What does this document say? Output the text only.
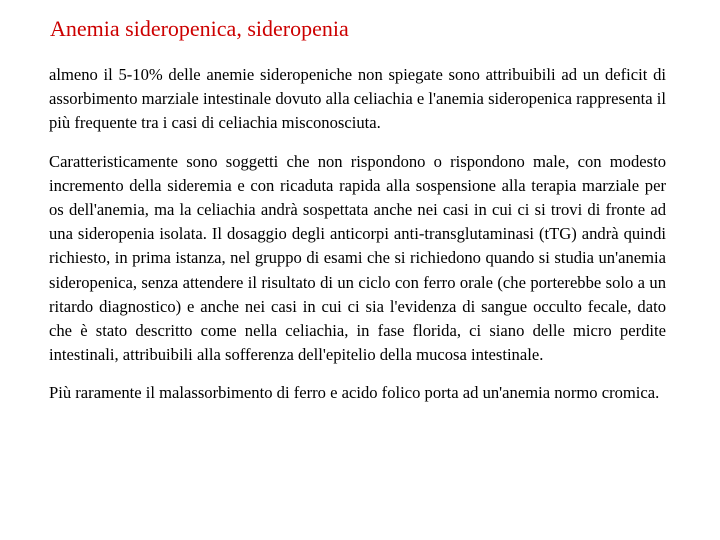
Anemia sideropenica, sideropenia

almeno il 5-10% delle anemie sideropeniche non spiegate sono attribuibili ad un deficit di assorbimento marziale intestinale dovuto alla celiachia e l'anemia sideropenica rappresenta il più frequente tra i casi di celiachia misconosciuta.

Caratteristicamente sono soggetti che non rispondono o rispondono male, con modesto incremento della sideremia e con ricaduta rapida alla sospensione alla terapia marziale per os dell'anemia, ma la celiachia andrà sospettata anche nei casi in cui ci si trovi di fronte ad una sideropenia isolata. Il dosaggio degli anticorpi anti-transglutaminasi (tTG) andrà quindi richiesto, in prima istanza, nel gruppo di esami che si richiedono quando si studia un'anemia sideropenica, senza attendere il risultato di un ciclo con ferro orale (che porterebbe solo a un ritardo diagnostico) e anche nei casi in cui ci sia l'evidenza di sangue occulto fecale, dato che è stato descritto come nella celiachia, in fase florida, ci siano delle micro perdite intestinali, attribuibili alla sofferenza dell'epitelio della mucosa intestinale.

Più raramente il malassorbimento di ferro e acido folico porta ad un'anemia normo cromica.
